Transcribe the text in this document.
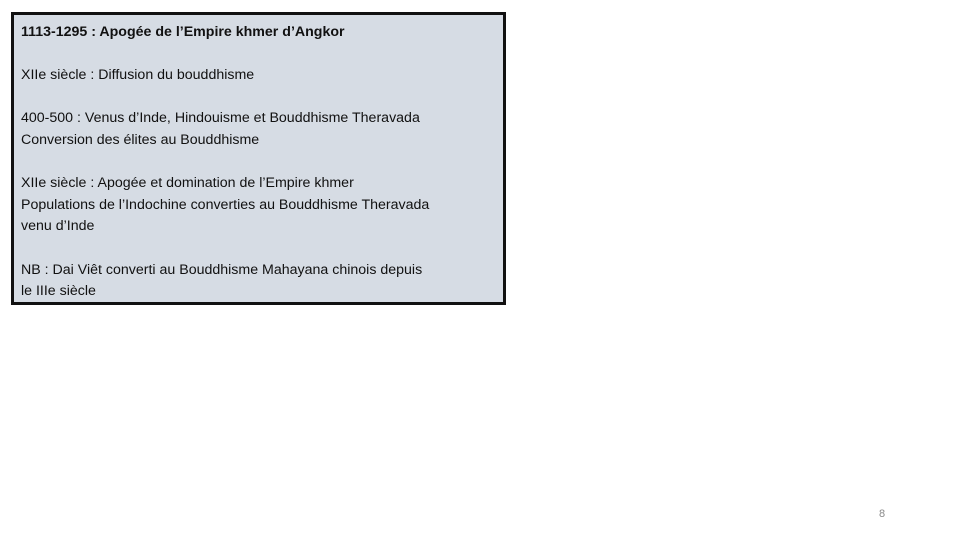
1113-1295 : Apogée de l’Empire khmer d’Angkor

XIIe siècle : Diffusion du bouddhisme

400-500 : Venus d’Inde, Hindouisme et Bouddhisme Theravada

Conversion des élites au Bouddhisme

XIIe siècle : Apogée et domination de l’Empire khmer

Populations de l’Indochine converties au Bouddhisme Theravada

venu d’Inde

NB : Dai Viêt converti au Bouddhisme Mahayana chinois depuis

le IIIe siècle

8
